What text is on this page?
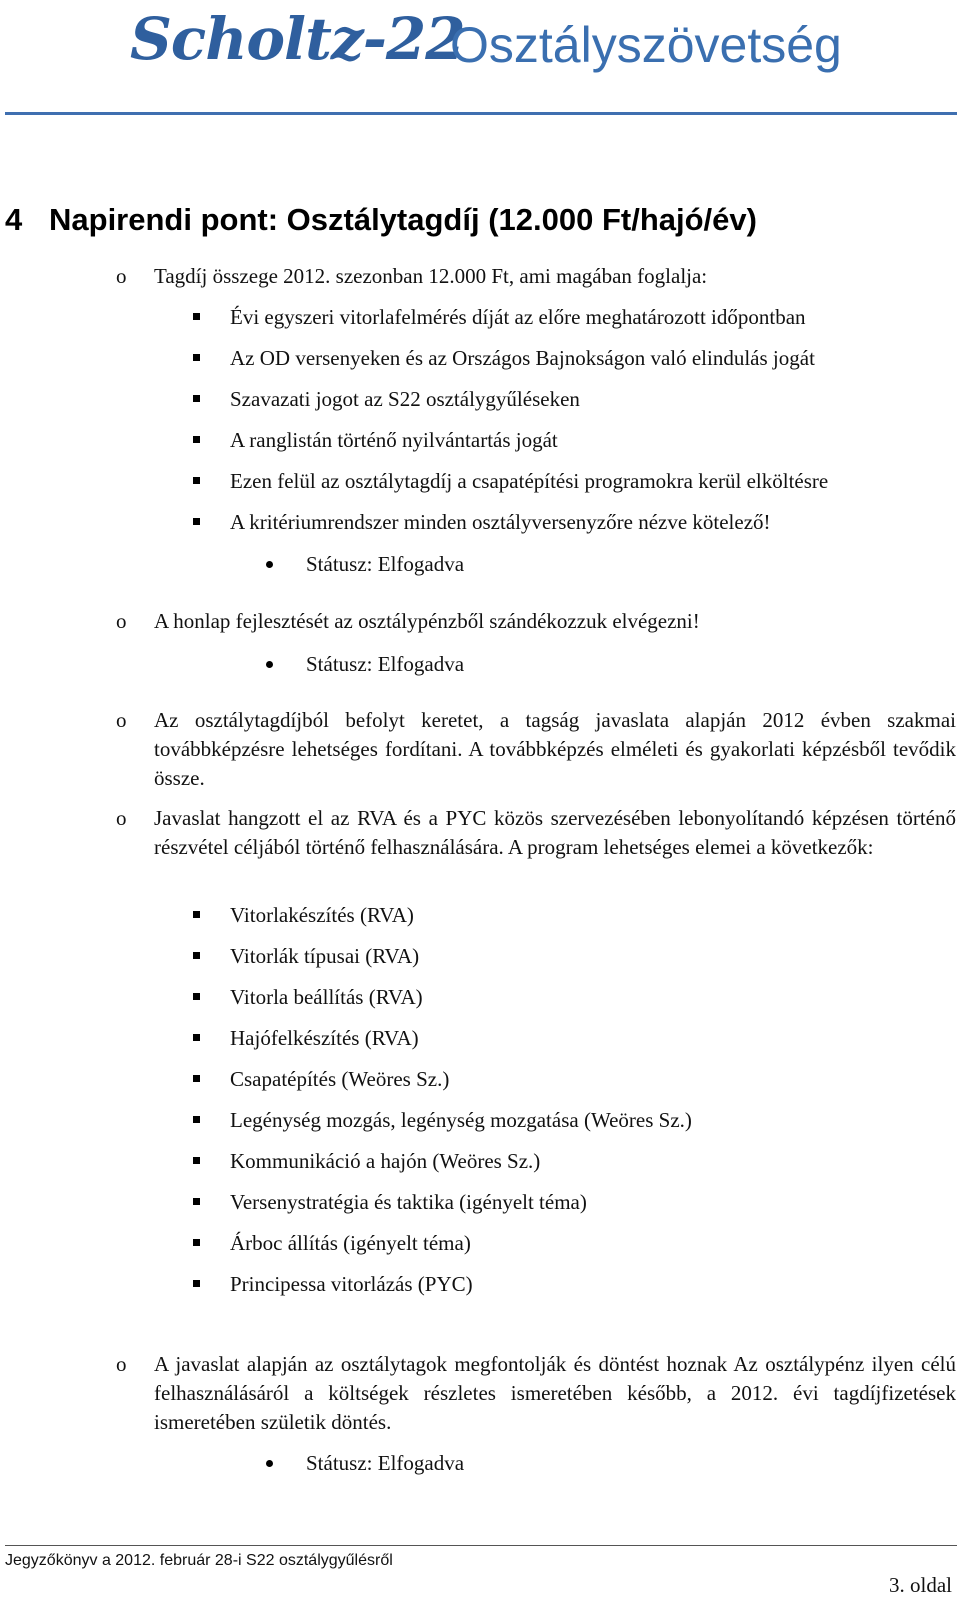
Scholtz-22
Osztályszövetség
4 Napirendi pont: Osztálytagdíj (12.000 Ft/hajó/év)
o Tagdíj összege 2012. szezonban 12.000 Ft, ami magában foglalja:
Évi egyszeri vitorlafelmérés díját az előre meghatározott időpontban
Az OD versenyeken és az Országos Bajnokságon való elindulás jogát
Szavazati jogot az S22 osztálygyűléseken
A ranglistán történő nyilvántartás jogát
Ezen felül az osztálytagdíj a csapatépítési programokra kerül elköltésre
A kritériumrendszer minden osztályversenyzőre nézve kötelező!
Státusz: Elfogadva
o A honlap fejlesztését az osztálypénzből szándékozzuk elvégezni!
Státusz: Elfogadva
o Az osztálytagdíjból befolyt keretet, a tagság javaslata alapján 2012 évben szakmai továbbképzésre lehetséges fordítani. A továbbképzés elméleti és gyakorlati képzésből tevődik össze.
o Javaslat hangzott el az RVA és a PYC közös szervezésében lebonyolítandó képzésen történő részvétel céljából történő felhasználására. A program lehetséges elemei a következők:
Vitorlakészítés (RVA)
Vitorlák típusai (RVA)
Vitorla beállítás (RVA)
Hajófelkészítés (RVA)
Csapatépítés (Weöres Sz.)
Legénység mozgás, legénység mozgatása (Weöres Sz.)
Kommunikáció a hajón (Weöres Sz.)
Versenystratégia és taktika (igényelt téma)
Árboc állítás (igényelt téma)
Principessa vitorlázás (PYC)
o A javaslat alapján az osztálytagok megfontolják és döntést hoznak Az osztálypénz ilyen célú felhasználásáról a költségek részletes ismeretében később, a 2012. évi tagdíjfizetések ismeretében születik döntés.
Státusz: Elfogadva
Jegyzőkönyv a 2012. február 28-i S22 osztálygyűlésről
3. oldal
